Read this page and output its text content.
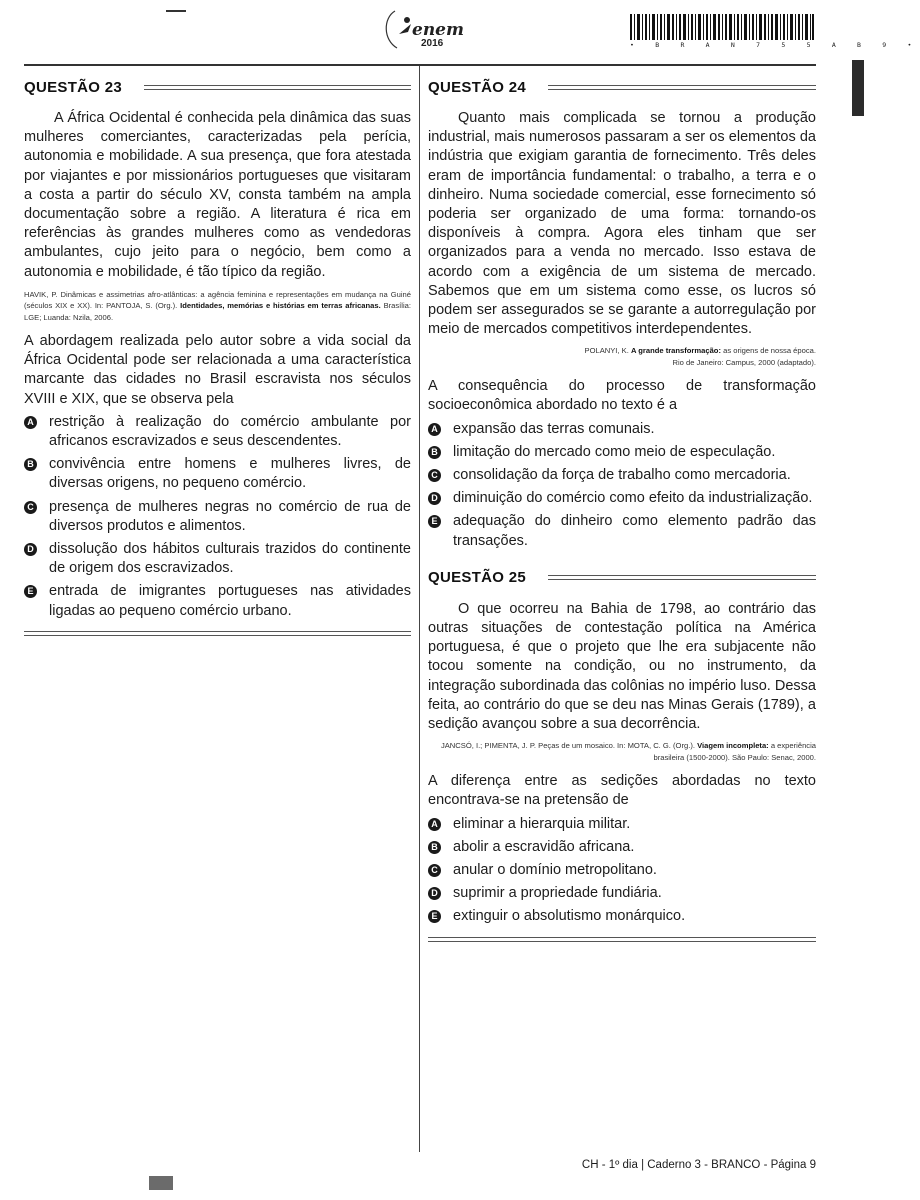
enem
2016	• B R A N 7 5 5 A B 9 •
QUESTÃO 23

A África Ocidental é conhecida pela dinâmica das suas mulheres comerciantes, caracterizadas pela perícia, autonomia e mobilidade. A sua presença, que fora atestada por viajantes e por missionários portugueses que visitaram a costa a partir do século XV, consta também na ampla documentação sobre a região. A literatura é rica em referências às grandes mulheres como as vendedoras ambulantes, cujo jeito para o negócio, bem como a autonomia e mobilidade, é tão típico da região.

HAVIK, P. Dinâmicas e assimetrias afro-atlânticas: a agência feminina e representações em mudança na Guiné (séculos XIX e XX). In: PANTOJA, S. (Org.). Identidades, memórias e histórias em terras africanas. Brasília: LGE; Luanda: Nzila, 2006.

A abordagem realizada pelo autor sobre a vida social da África Ocidental pode ser relacionada a uma característica marcante das cidades no Brasil escravista nos séculos XVIII e XIX, que se observa pela

A restrição à realização do comércio ambulante por africanos escravizados e seus descendentes.
B convivência entre homens e mulheres livres, de diversas origens, no pequeno comércio.
C presença de mulheres negras no comércio de rua de diversos produtos e alimentos.
D dissolução dos hábitos culturais trazidos do continente de origem dos escravizados.
E entrada de imigrantes portugueses nas atividades ligadas ao pequeno comércio urbano.
QUESTÃO 24

Quanto mais complicada se tornou a produção industrial, mais numerosos passaram a ser os elementos da indústria que exigiam garantia de fornecimento. Três deles eram de importância fundamental: o trabalho, a terra e o dinheiro. Numa sociedade comercial, esse fornecimento só poderia ser organizado de uma forma: tornando-os disponíveis à compra. Agora eles tinham que ser organizados para a venda no mercado. Isso estava de acordo com a exigência de um sistema de mercado. Sabemos que em um sistema como esse, os lucros só podem ser assegurados se se garante a autorregulação por meio de mercados competitivos interdependentes.

POLANYI, K. A grande transformação: as origens de nossa época.

Rio de Janeiro: Campus, 2000 (adaptado).

A consequência do processo de transformação socioeconômica abordado no texto é a

A expansão das terras comunais.
B limitação do mercado como meio de especulação.
C consolidação da força de trabalho como mercadoria.
D diminuição do comércio como efeito da industrialização.
E adequação do dinheiro como elemento padrão das transações.
QUESTÃO 25

O que ocorreu na Bahia de 1798, ao contrário das outras situações de contestação política na América portuguesa, é que o projeto que lhe era subjacente não tocou somente na condição, ou no instrumento, da integração subordinada das colônias no império luso. Dessa feita, ao contrário do que se deu nas Minas Gerais (1789), a sedição avançou sobre a sua decorrência.

JANCSÓ, I.; PIMENTA, J. P. Peças de um mosaico. In: MOTA, C. G. (Org.). Viagem incompleta: a experiência brasileira (1500-2000). São Paulo: Senac, 2000.

A diferença entre as sedições abordadas no texto encontrava-se na pretensão de

A eliminar a hierarquia militar.
B abolir a escravidão africana.
C anular o domínio metropolitano.
D suprimir a propriedade fundiária.
E extinguir o absolutismo monárquico.
CH - 1º dia | Caderno 3 - BRANCO - Página 9
